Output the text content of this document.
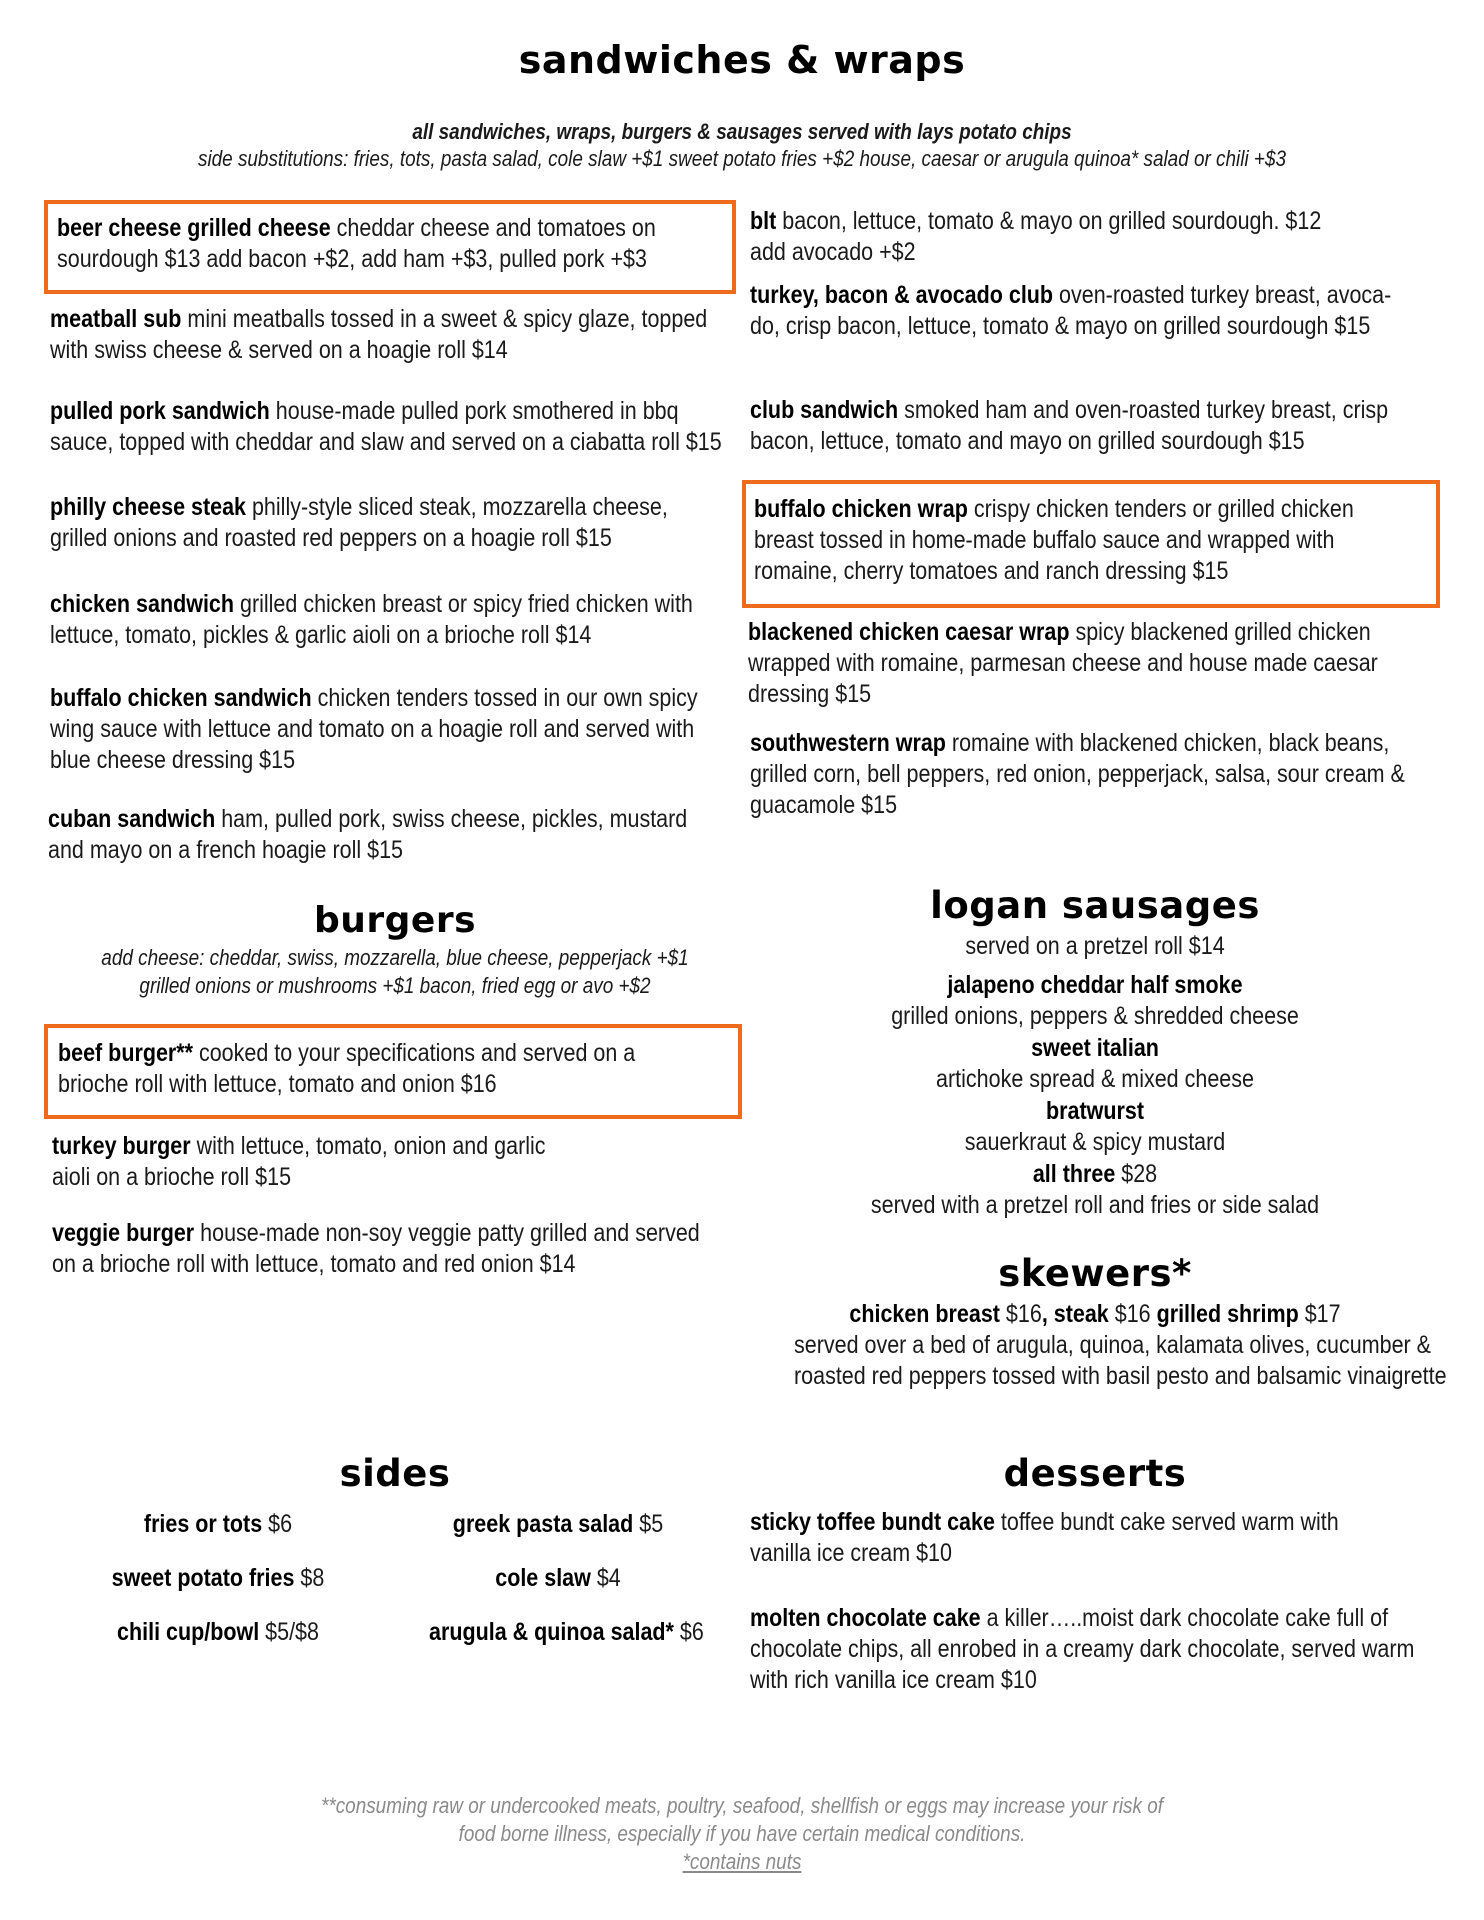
sandwiches & wraps
all sandwiches, wraps, burgers & sausages served with lays potato chips
side substitutions: fries, tots, pasta salad, cole slaw +$1 sweet potato fries +$2 house, caesar or arugula quinoa* salad or chili +$3
beer cheese grilled cheese cheddar cheese and tomatoes on
sourdough $13 add bacon +$2, add ham +$3, pulled pork +$3
meatball sub mini meatballs tossed in a sweet & spicy glaze, topped
with swiss cheese & served on a hoagie roll $14
pulled pork sandwich house-made pulled pork smothered in bbq
sauce, topped with cheddar and slaw and served on a ciabatta roll $15
philly cheese steak philly-style sliced steak, mozzarella cheese,
grilled onions and roasted red peppers on a hoagie roll $15
chicken sandwich grilled chicken breast or spicy fried chicken with
lettuce, tomato, pickles & garlic aioli on a brioche roll $14
buffalo chicken sandwich chicken tenders tossed in our own spicy
wing sauce with lettuce and tomato on a hoagie roll and served with
blue cheese dressing $15
cuban sandwich ham, pulled pork, swiss cheese, pickles, mustard
and mayo on a french hoagie roll $15
blt bacon, lettuce, tomato & mayo on grilled sourdough. $12
add avocado +$2
turkey, bacon & avocado club oven-roasted turkey breast, avoca-
do, crisp bacon, lettuce, tomato & mayo on grilled sourdough $15
club sandwich smoked ham and oven-roasted turkey breast, crisp
bacon, lettuce, tomato and mayo on grilled sourdough $15
buffalo chicken wrap crispy chicken tenders or grilled chicken
breast tossed in home-made buffalo sauce and wrapped with
romaine, cherry tomatoes and ranch dressing $15
blackened chicken caesar wrap spicy blackened grilled chicken
wrapped with romaine, parmesan cheese and house made caesar
dressing $15
southwestern wrap romaine with blackened chicken, black beans,
grilled corn, bell peppers, red onion, pepperjack, salsa, sour cream &
guacamole $15
burgers
add cheese: cheddar, swiss, mozzarella, blue cheese, pepperjack +$1
grilled onions or mushrooms +$1 bacon, fried egg or avo +$2
beef burger** cooked to your specifications and served on a
brioche roll with lettuce, tomato and onion $16
turkey burger with lettuce, tomato, onion and garlic
aioli on a brioche roll $15
veggie burger house-made non-soy veggie patty grilled and served
on a brioche roll with lettuce, tomato and red onion $14
logan sausages
served on a pretzel roll $14
jalapeno cheddar half smoke
grilled onions, peppers & shredded cheese
sweet italian
artichoke spread & mixed cheese
bratwurst
sauerkraut & spicy mustard
all three $28
served with a pretzel roll and fries or side salad
skewers*
chicken breast $16, steak $16 grilled shrimp $17
served over a bed of arugula, quinoa, kalamata olives, cucumber &
roasted red peppers tossed with basil pesto and balsamic vinaigrette
sides
fries or tots $6	greek pasta salad $5
sweet potato fries $8	cole slaw $4
chili cup/bowl $5/$8	arugula & quinoa salad* $6
desserts
sticky toffee bundt cake toffee bundt cake served warm with
vanilla ice cream $10
molten chocolate cake a killer…..moist dark chocolate cake full of
chocolate chips, all enrobed in a creamy dark chocolate, served warm
with rich vanilla ice cream $10
**consuming raw or undercooked meats, poultry, seafood, shellfish or eggs may increase your risk of
food borne illness, especially if you have certain medical conditions.
*contains nuts
